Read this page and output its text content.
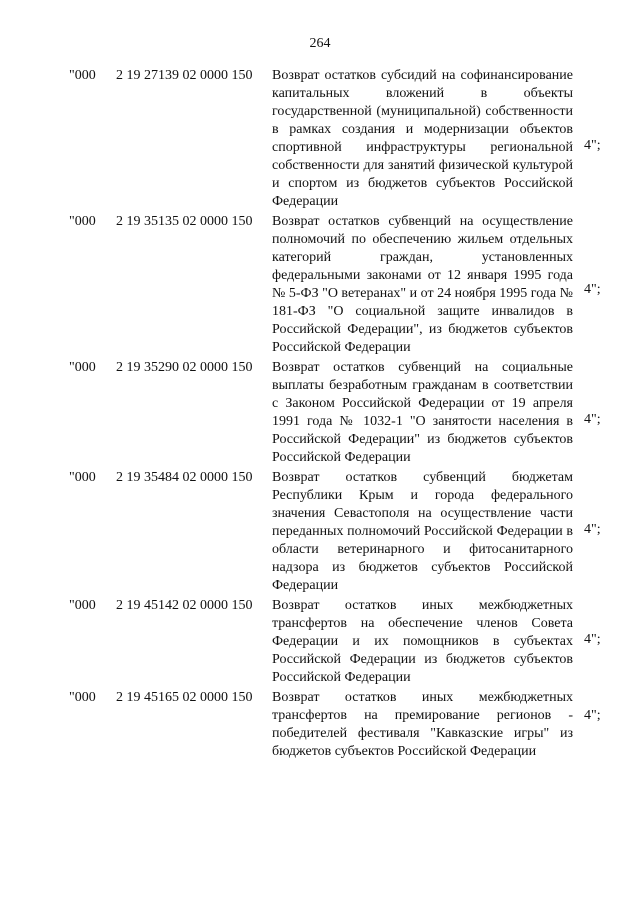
264
"000 2 19 27139 02 0000 150 Возврат остатков субсидий на софинансирование капитальных вложений в объекты государственной (муниципальной) собственности в рамках создания и модернизации объектов спортивной инфраструктуры региональной собственности для занятий физической культурой и спортом из бюджетов субъектов Российской Федерации
4";
"000 2 19 35135 02 0000 150 Возврат остатков субвенций на осуществление полномочий по обеспечению жильем отдельных категорий граждан, установленных федеральными законами от 12 января 1995 года № 5-ФЗ "О ветеранах" и от 24 ноября 1995 года № 181-ФЗ "О социальной защите инвалидов в Российской Федерации", из бюджетов субъектов Российской Федерации
4";
"000 2 19 35290 02 0000 150 Возврат остатков субвенций на социальные выплаты безработным гражданам в соответствии с Законом Российской Федерации от 19 апреля 1991 года № 1032-1 "О занятости населения в Российской Федерации" из бюджетов субъектов Российской Федерации
4";
"000 2 19 35484 02 0000 150 Возврат остатков субвенций бюджетам Республики Крым и города федерального значения Севастополя на осуществление части переданных полномочий Российской Федерации в области ветеринарного и фитосанитарного надзора из бюджетов субъектов Российской Федерации
4";
"000 2 19 45142 02 0000 150 Возврат остатков иных межбюджетных трансфертов на обеспечение членов Совета Федерации и их помощников в субъектах Российской Федерации из бюджетов субъектов Российской Федерации
4";
"000 2 19 45165 02 0000 150 Возврат остатков иных межбюджетных трансфертов на премирование регионов - победителей фестиваля "Кавказские игры" из бюджетов субъектов Российской Федерации
4";
